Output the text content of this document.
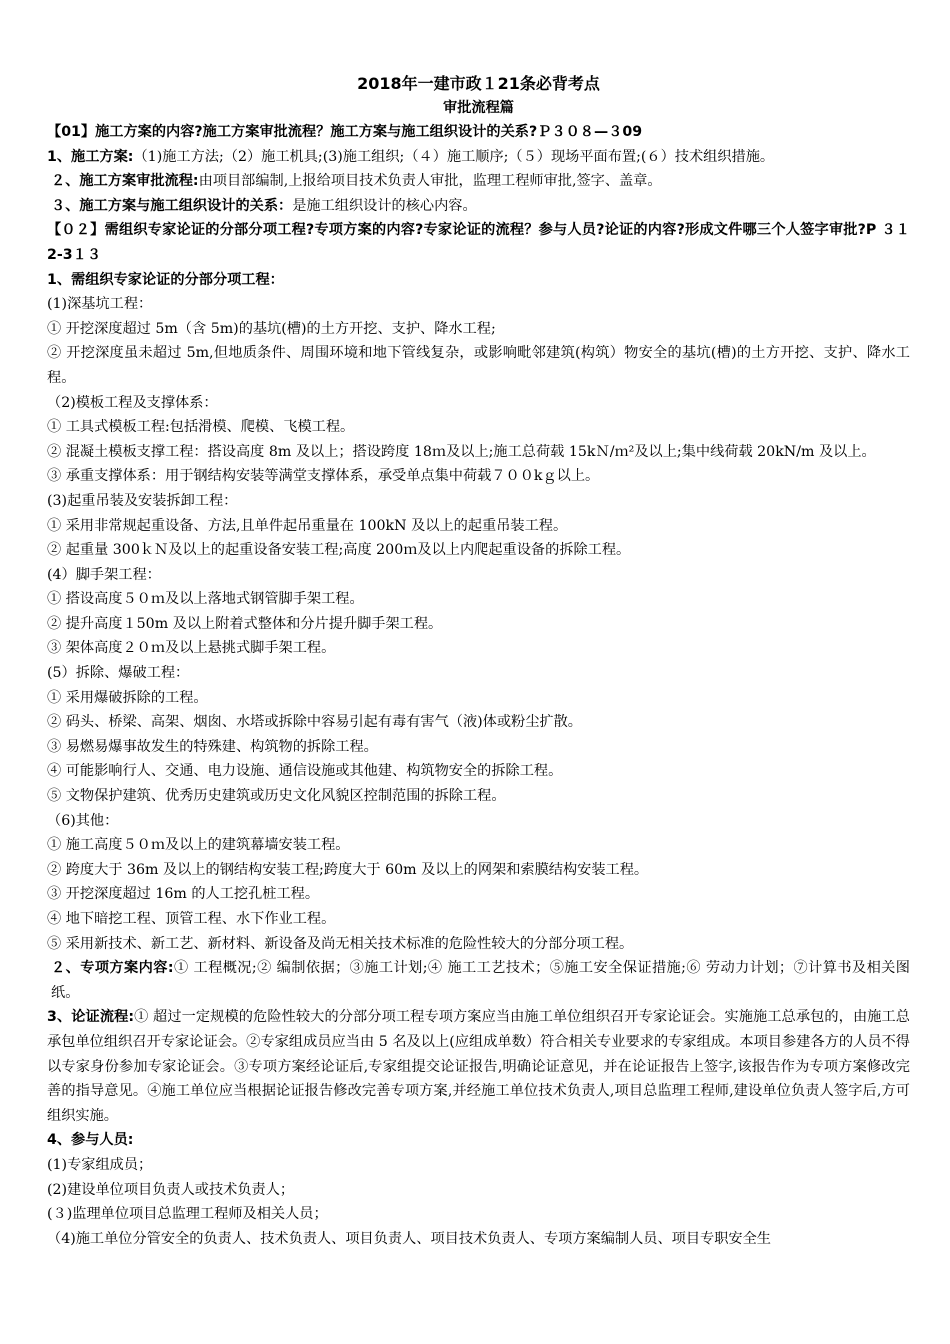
2018年一建市政１21条必背考点

审批流程篇

【01】施工方案的内容?施工方案审批流程？施工方案与施工组织设计的关系?Ｐ３０８—３09

1、施工方案:（1)施工方法;（2）施工机具;(3)施工组织;（４）施工顺序;（５）现场平面布置;(６）技术组织措施。

２、施工方案审批流程:由项目部编制,上报给项目技术负责人审批，监理工程师审批,签字、盖章。

３、施工方案与施工组织设计的关系：是施工组织设计的核心内容。

【０２】需组织专家论证的分部分项工程?专项方案的内容?专家论证的流程？参与人员?论证的内容?形成文件哪三个人签字审批?P ３１2-3１３

1、需组织专家论证的分部分项工程：

(1)深基坑工程：

① 开挖深度超过 5m（含 5m)的基坑(槽)的土方开挖、支护、降水工程;

② 开挖深度虽未超过 5m,但地质条件、周围环境和地下管线复杂，或影响毗邻建筑(构筑）物安全的基坑(槽)的土方开挖、支护、降水工程。

（2)模板工程及支撑体系：

① 工具式模板工程:包括滑模、爬模、飞模工程。

② 混凝土模板支撑工程：搭设高度 8m 及以上；搭设跨度 18ｍ及以上;施工总荷载 15kＮ/ｍ²及以上;集中线荷载 20kN/m 及以上。

③ 承重支撑体系：用于钢结构安装等满堂支撑体系，承受单点集中荷载７００kｇ以上。

(3)起重吊装及安装拆卸工程：

① 采用非常规起重设备、方法,且单件起吊重量在 100kN 及以上的起重吊装工程。

② 起重量 300ｋＮ及以上的起重设备安装工程;高度 200ｍ及以上内爬起重设备的拆除工程。

(4）脚手架工程：

① 搭设高度５０ｍ及以上落地式钢管脚手架工程。

② 提升高度１50m 及以上附着式整体和分片提升脚手架工程。

③ 架体高度２０ｍ及以上悬挑式脚手架工程。

(5）拆除、爆破工程：

① 采用爆破拆除的工程。

② 码头、桥梁、高架、烟囱、水塔或拆除中容易引起有毒有害气（液)体或粉尘扩散。

③ 易燃易爆事故发生的特殊建、构筑物的拆除工程。

④ 可能影响行人、交通、电力设施、通信设施或其他建、构筑物安全的拆除工程。

⑤ 文物保护建筑、优秀历史建筑或历史文化风貌区控制范围的拆除工程。

（6)其他：

① 施工高度５０ｍ及以上的建筑幕墙安装工程。

② 跨度大于 36m 及以上的钢结构安装工程;跨度大于 60m 及以上的网架和索膜结构安装工程。

③ 开挖深度超过 16m 的人工挖孔桩工程。

④ 地下暗挖工程、顶管工程、水下作业工程。

⑤ 采用新技术、新工艺、新材料、新设备及尚无相关技术标准的危险性较大的分部分项工程。

２、专项方案内容:① 工程概况;② 编制依据；③施工计划;④ 施工工艺技术；⑤施工安全保证措施;⑥ 劳动力计划；⑦计算书及相关图纸。

3、论证流程:① 超过一定规模的危险性较大的分部分项工程专项方案应当由施工单位组织召开专家论证会。实施施工总承包的，由施工总承包单位组织召开专家论证会。②专家组成员应当由 5 名及以上(应组成单数）符合相关专业要求的专家组成。本项目参建各方的人员不得以专家身份参加专家论证会。③专项方案经论证后,专家组提交论证报告,明确论证意见，并在论证报告上签字,该报告作为专项方案修改完善的指导意见。④施工单位应当根据论证报告修改完善专项方案,并经施工单位技术负责人,项目总监理工程师,建设单位负责人签字后,方可组织实施。

4、参与人员:

(1)专家组成员；

(2)建设单位项目负责人或技术负责人；

(３)监理单位项目总监理工程师及相关人员；

（4)施工单位分管安全的负责人、技术负责人、项目负责人、项目技术负责人、专项方案编制人员、项目专职安全生
